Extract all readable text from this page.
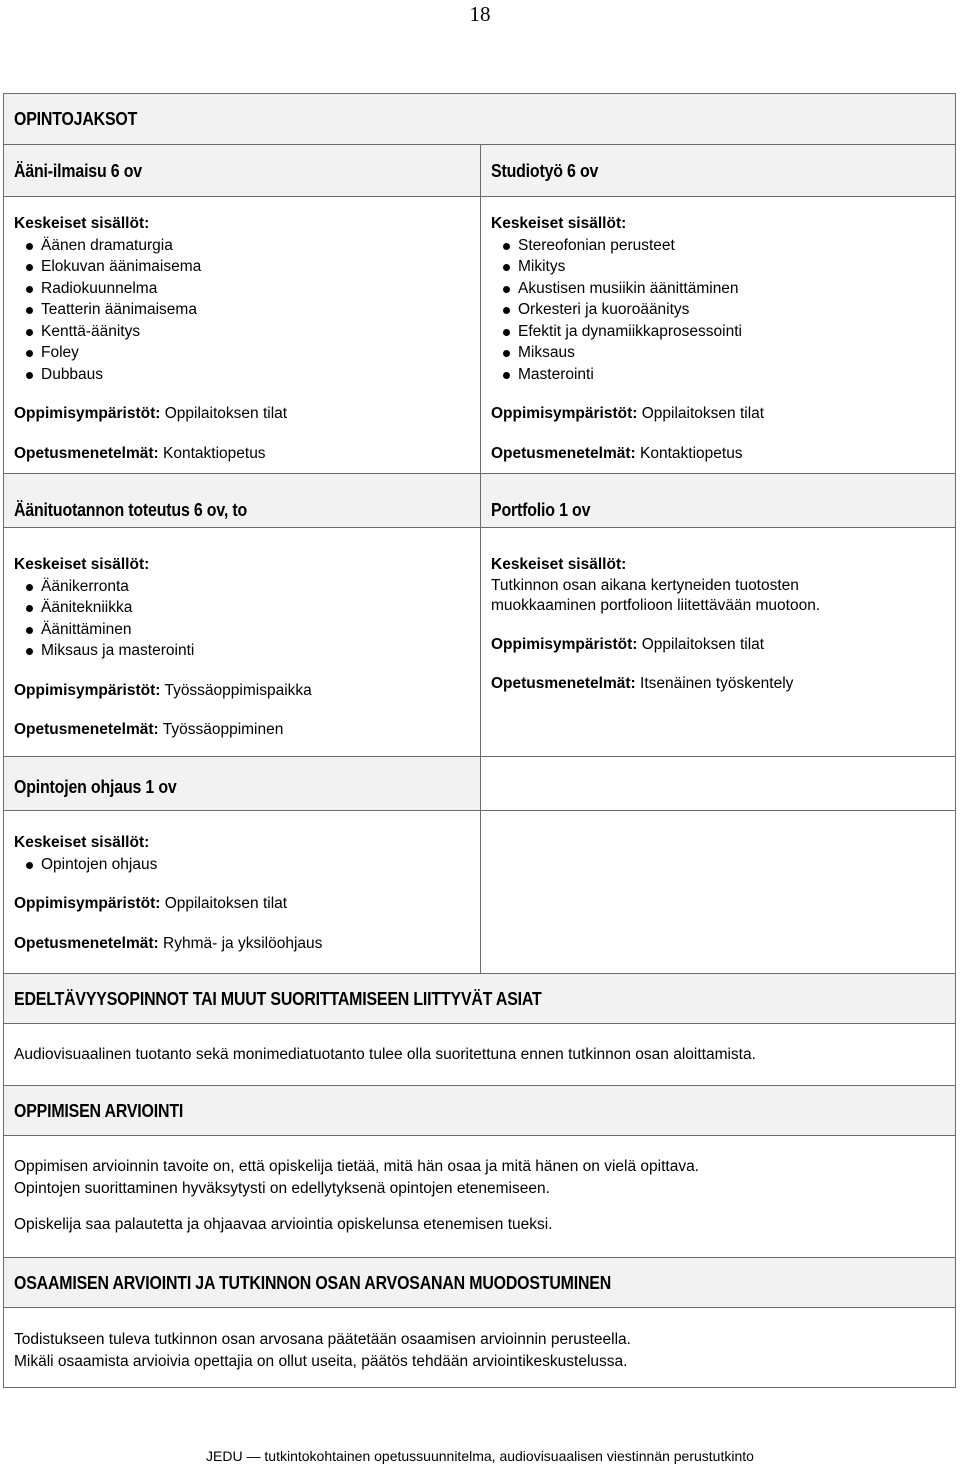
18
OPINTOJAKSOT
Ääni-ilmaisu 6 ov
Keskeiset sisällöt:
Äänen dramaturgia
Elokuvan äänimaisema
Radiokuunnelma
Teatterin äänimaisema
Kenttä-äänitys
Foley
Dubbaus
Oppimisympäristöt: Oppilaitoksen tilat
Opetusmenetelmät: Kontaktiopetus
Studiotyö 6 ov
Keskeiset sisällöt:
Stereofonian perusteet
Mikitys
Akustisen musiikin äänittäminen
Orkesteri ja kuoroäänitys
Efektit ja dynamiikkaprosessointi
Miksaus
Masterointi
Oppimisympäristöt: Oppilaitoksen tilat
Opetusmenetelmät: Kontaktiopetus
Äänituotannon toteutus 6 ov, to
Keskeiset sisällöt:
Äänikerronta
Äänitekniikka
Äänittäminen
Miksaus ja masterointi
Oppimisympäristöt: Työssäoppimispaikka
Opetusmenetelmät: Työssäoppiminen
Portfolio 1 ov
Keskeiset sisällöt:
Tutkinnon osan aikana kertyneiden tuotosten
muokkaaminen portfolioon liitettävään muotoon.
Oppimisympäristöt: Oppilaitoksen tilat
Opetusmenetelmät: Itsenäinen työskentely
Opintojen ohjaus 1 ov
Keskeiset sisällöt:
Opintojen ohjaus
Oppimisympäristöt: Oppilaitoksen tilat
Opetusmenetelmät: Ryhmä- ja yksilöohjaus
EDELTÄVYYSOPINNOT TAI MUUT SUORITTAMISEEN LIITTYVÄT ASIAT
Audiovisuaalinen tuotanto sekä monimediatuotanto tulee olla suoritettuna ennen tutkinnon osan aloittamista.
OPPIMISEN ARVIOINTI
Oppimisen arvioinnin tavoite on, että opiskelija tietää, mitä hän osaa ja mitä hänen on vielä opittava.
Opintojen suorittaminen hyväksytysti on edellytyksenä opintojen etenemiseen.
Opiskelija saa palautetta ja ohjaavaa arviointia opiskelunsa etenemisen tueksi.
OSAAMISEN ARVIOINTI JA TUTKINNON OSAN ARVOSANAN MUODOSTUMINEN
Todistukseen tuleva tutkinnon osan arvosana päätetään osaamisen arvioinnin perusteella.
Mikäli osaamista arvioivia opettajia on ollut useita, päätös tehdään arviointikeskustelussa.
JEDU — tutkintokohtainen opetussuunnitelma, audiovisuaalisen viestinnän perustutkinto
